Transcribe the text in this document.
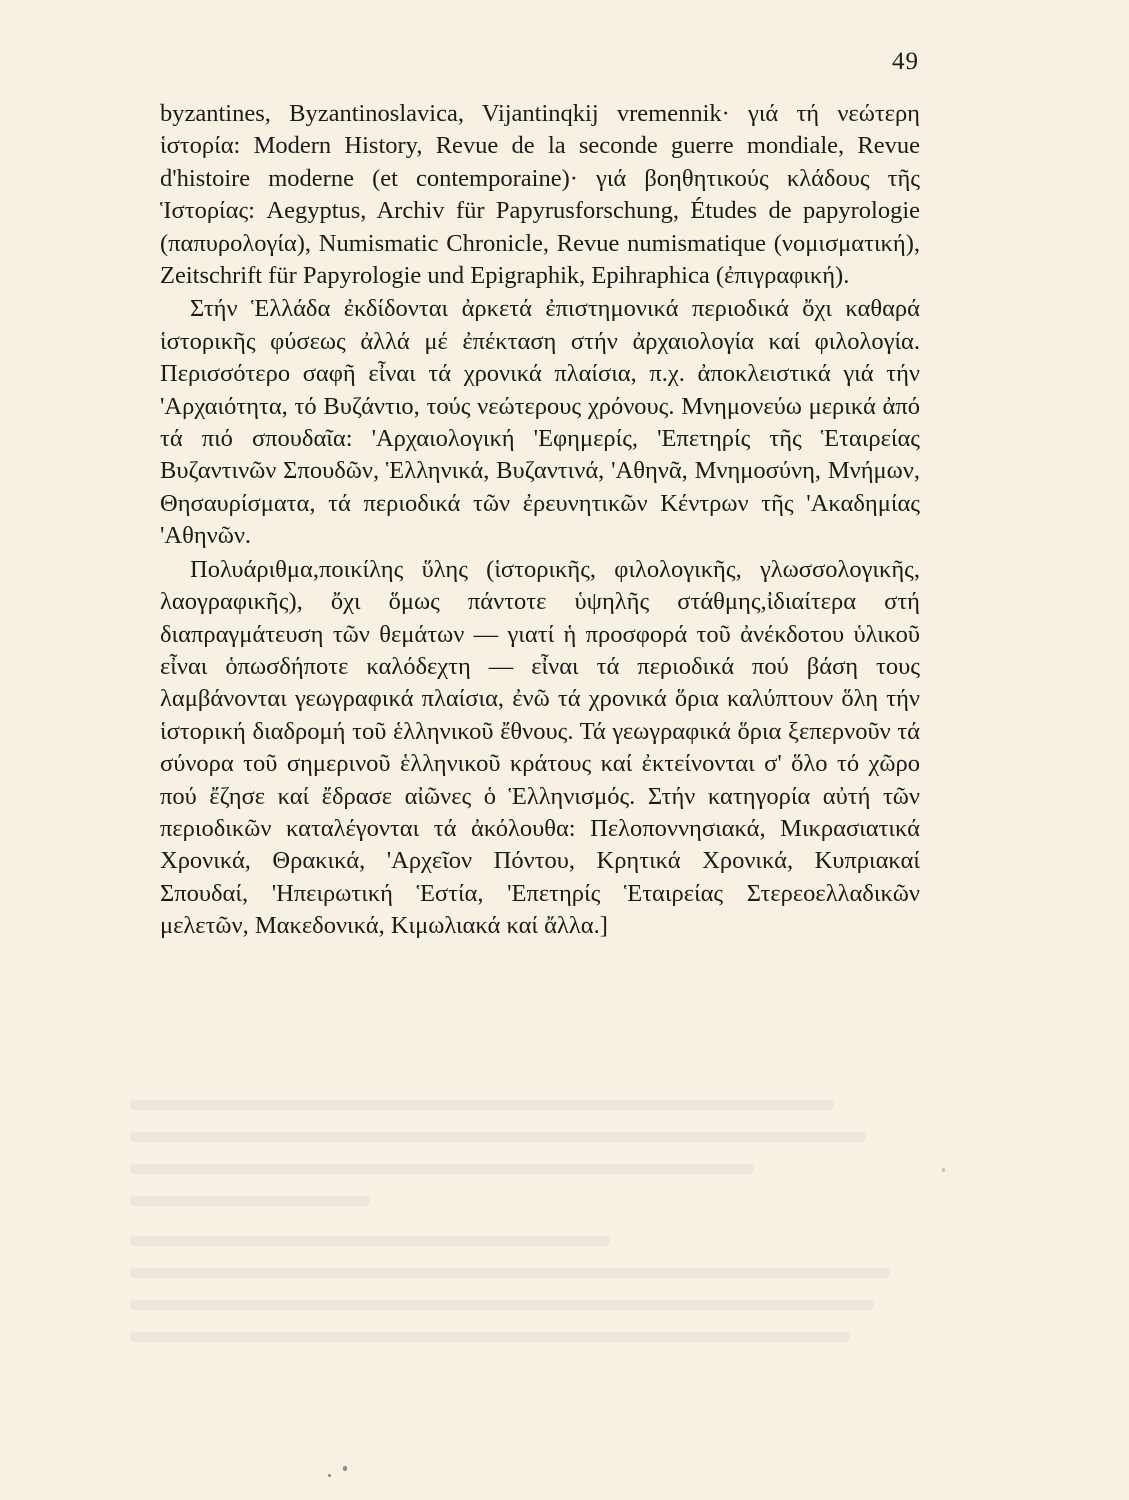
49

byzantines, Byzantinoslavica, Vijantinqkij vremennik· γιά τή νεώτερη ἱστορία: Modern History, Revue de la seconde guerre mondiale, Revue d'histoire moderne (et contemporaine)· γιά βοηθητικούς κλάδους τῆς Ἱστορίας: Aegyptus, Archiv für Papyrusforschung, Études de papyrologie (παπυρολογία), Numismatic Chronicle, Revue numismatique (νομισματική), Zeitschrift für Papyrologie und Epigraphik, Epihraphica (ἐπιγραφική).

Στήν Ἑλλάδα ἐκδίδονται ἀρκετά ἐπιστημονικά περιοδικά ὄχι καθαρά ἱστορικῆς φύσεως ἀλλά μέ ἐπέκταση στήν ἀρχαιολογία καί φιλολογία. Περισσότερο σαφῆ εἶναι τά χρονικά πλαίσια, π.χ. ἀποκλειστικά γιά τήν 'Αρχαιότητα, τό Βυζάντιο, τούς νεώτερους χρόνους. Μνημονεύω μερικά ἀπό τά πιό σπουδαῖα: 'Αρχαιολογική 'Εφημερίς, 'Επετηρίς τῆς Ἑταιρείας Βυζαντινῶν Σπουδῶν, Ἑλληνικά, Βυζαντινά, 'Αθηνᾶ, Μνημοσύνη, Μνήμων, Θησαυρίσματα, τά περιοδικά τῶν ἐρευνητικῶν Κέντρων τῆς 'Ακαδημίας 'Αθηνῶν.

Πολυάριθμα,ποικίλης ὕλης (ἱστορικῆς, φιλολογικῆς, γλωσσολογικῆς, λαογραφικῆς), ὄχι ὅμως πάντοτε ὑψηλῆς στάθμης,ἰδιαίτερα στή διαπραγμάτευση τῶν θεμάτων — γιατί ἡ προσφορά τοῦ ἀνέκδοτου ὑλικοῦ εἶναι ὁπωσδήποτε καλόδεχτη — εἶναι τά περιοδικά πού βάση τους λαμβάνονται γεωγραφικά πλαίσια, ἐνῶ τά χρονικά ὅρια καλύπτουν ὅλη τήν ἱστορική διαδρομή τοῦ ἑλληνικοῦ ἔθνους. Τά γεωγραφικά ὅρια ξεπερνοῦν τά σύνορα τοῦ σημερινοῦ ἑλληνικοῦ κράτους καί ἐκτείνονται σ' ὅλο τό χῶρο πού ἔζησε καί ἔδρασε αἰῶνες ὁ Ἑλληνισμός. Στήν κατηγορία αὐτή τῶν περιοδικῶν καταλέγονται τά ἀκόλουθα: Πελοποννησιακά, Μικρασιατικά Χρονικά, Θρακικά, 'Αρχεῖον Πόντου, Κρητικά Χρονικά, Κυπριακαί Σπουδαί, 'Ηπειρωτική Ἑστία, 'Επετηρίς Ἑταιρείας Στερεοελλαδικῶν μελετῶν, Μακεδονικά, Κιμωλιακά καί ἄλλα.]
